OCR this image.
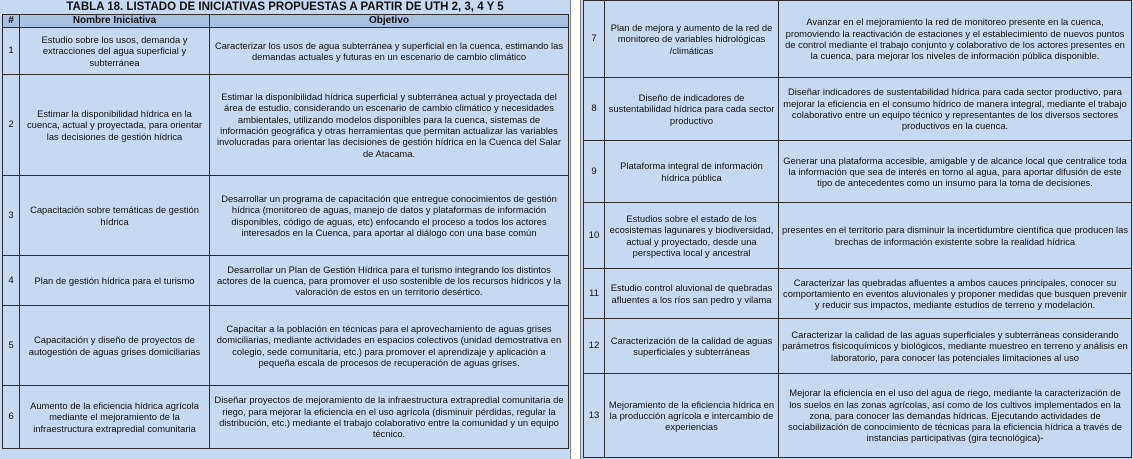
TABLA 18. LISTADO DE INICIATIVAS PROPUESTAS A PARTIR DE UTH 2, 3, 4 Y 5
#	Nombre Iniciativa	Objetivo
1	Estudio sobre los usos, demanda y extracciones del agua superficial y subterránea	Caracterizar los usos de agua subterránea y superficial en la cuenca, estimando las demandas actuales y futuras en un escenario de cambio climático
2	Estimar la disponibilidad hídrica en la cuenca, actual y proyectada, para orientar las decisiones de gestión hídrica	Estimar la disponibilidad hídrica superficial y subterránea actual y proyectada del área de estudio, considerando un escenario de cambio climático y necesidades ambientales, utilizando modelos disponibles para la cuenca, sistemas de información geográfica y otras herramientas que permitan actualizar las variables involucradas para orientar las decisiones de gestión hídrica en la Cuenca del Salar de Atacama.
3	Capacitación sobre temáticas de gestión hídrica	Desarrollar un programa de capacitación que entregue conocimientos de gestión hídrica (monitoreo de aguas, manejo de datos y plataformas de información disponibles, código de aguas, etc) enfocando el proceso a todos los actores interesados en la Cuenca, para aportar al diálogo con una base común
4	Plan de gestión hídrica para el turismo	Desarrollar un Plan de Gestión Hídrica para el turismo integrando los distintos actores de la cuenca, para promover el uso sostenible de los recursos hídricos y la valoración de estos en un territorio desértico.
5	Capacitación y diseño de proyectos de autogestión de aguas grises domiciliarias	Capacitar a la población en técnicas para el aprovechamiento de aguas grises domiciliarias, mediante actividades en espacios colectivos (unidad demostrativa en colegio, sede comunitaria, etc.) para promover el aprendizaje y aplicación a pequeña escala de procesos de recuperación de aguas grises.
6	Aumento de la eficiencia hídrica agrícola mediante el mejoramiento de la infraestructura extrapredial comunitaria	Diseñar proyectos de mejoramiento de la infraestructura extrapredial comunitaria de riego, para mejorar la eficiencia en el uso agrícola (disminuir pérdidas, regular la distribución, etc.) mediante el trabajo colaborativo entre la comunidad y un equipo técnico.
7	Plan de mejora y aumento de la red de monitoreo de variables hidrológicas /climáticas	Avanzar en el mejoramiento la red de monitoreo presente en la cuenca, promoviendo la reactivación de estaciones y el establecimiento de nuevos puntos de control mediante el trabajo conjunto y colaborativo de los actores presentes en la cuenca, para mejorar los niveles de información pública disponible.
8	Diseño de indicadores de sustentabilidad hídrica para cada sector productivo	Diseñar indicadores de sustentabilidad hídrica para cada sector productivo, para mejorar la eficiencia en el consumo hídrico de manera integral, mediante el trabajo colaborativo entre un equipo técnico y representantes de los diversos sectores productivos en la cuenca.
9	Plataforma integral de información hídrica pública	Generar una plataforma accesible, amigable y de alcance local que centralice toda la información que sea de interés en torno al agua, para aportar difusión de este tipo de antecedentes como un insumo para la toma de decisiones.
10	Estudios sobre el estado de los ecosistemas lagunares y biodiversidad, actual y proyectado, desde una perspectiva local y ancestral	presentes en el territorio para disminuir la incertidumbre científica que producen las brechas de información existente sobre la realidad hídrica
11	Estudio control aluvional de quebradas afluentes a los ríos san pedro y vilama	Caracterizar las quebradas afluentes a ambos cauces principales, conocer su comportamiento en eventos aluvionales y proponer medidas que busquen prevenir y reducir sus impactos, mediante estudios de terreno y modelación.
12	Caracterización de la calidad de aguas superficiales y subterráneas	Caracterizar la calidad de las aguas superficiales y subterráneas considerando parámetros fisicoquímicos y biológicos, mediante muestreo en terreno y análisis en laboratorio, para conocer las potenciales limitaciones al uso
13	Mejoramiento de la eficiencia hídrica en la producción agrícola e intercambio de experiencias	Mejorar la eficiencia en el uso del agua de riego, mediante la caracterización de los suelos en las zonas agrícolas, así como de los cultivos implementados en la zona, para conocer las demandas hídricas. Ejecutando actividades de sociabilización de conocimiento de técnicas para la eficiencia hídrica a través de instancias participativas (gira tecnológica)-
